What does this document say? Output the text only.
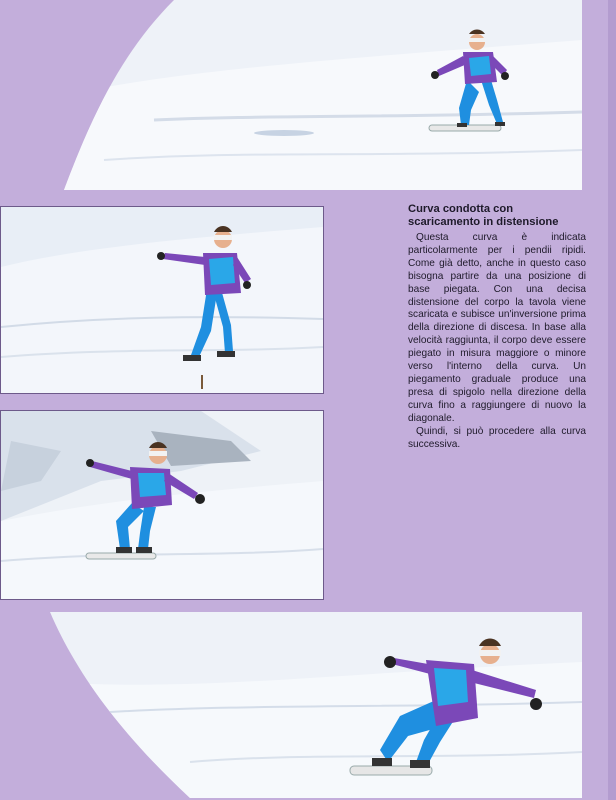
Curva condotta con
scaricamento in distensione

Questa curva è indicata particolarmente per i pendii ripidi. Come già detto, anche in questo caso bisogna partire da una posizione di base piegata. Con una decisa distensione del corpo la tavola viene scaricata e subisce un'inversione prima della direzione di discesa. In base alla velocità raggiunta, il corpo deve essere piegato in misura maggiore o minore verso l'interno della curva. Un piegamento graduale produce una presa di spigolo nella direzione della curva fino a raggiungere di nuovo la diagonale.

Quindi, si può procedere alla curva successiva.
